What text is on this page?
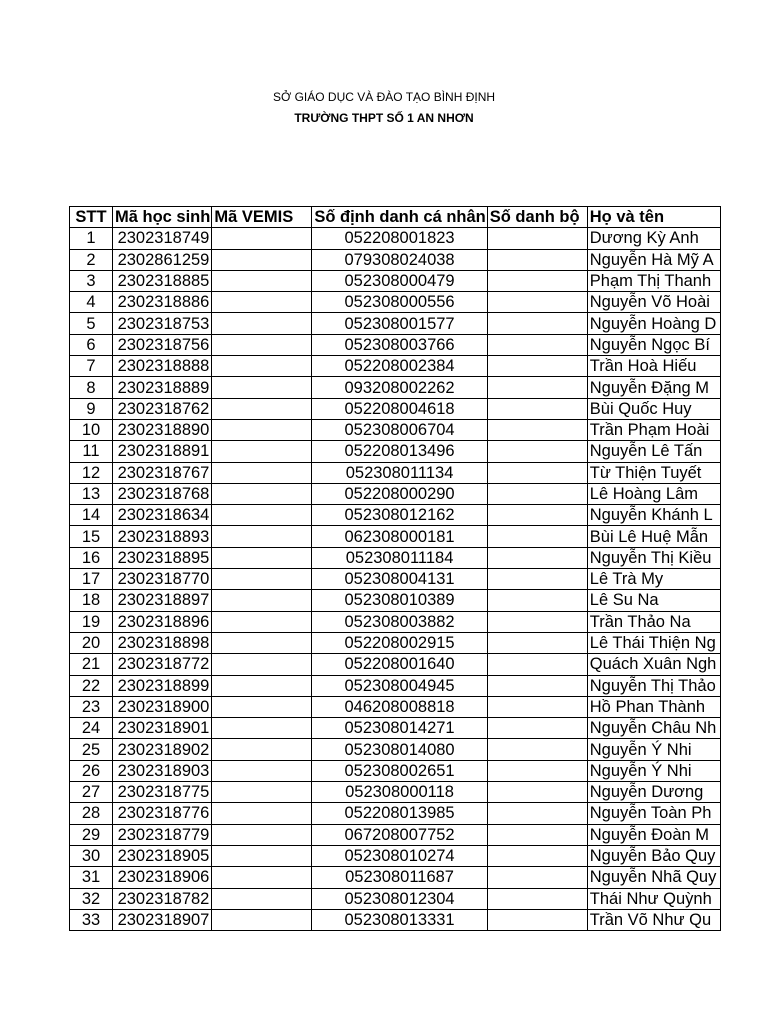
SỞ GIÁO DỤC VÀ ĐÀO TẠO BÌNH ĐỊNH
TRƯỜNG THPT SỐ 1 AN NHƠN
STT	Mã học sinh	Mã VEMIS	Số định danh cá nhân	Số danh bộ	Họ và tên
1	2302318749		052208001823		Dương Kỳ Anh
2	2302861259		079308024038		Nguyễn Hà Mỹ A
3	2302318885		052308000479		Phạm Thị Thanh
4	2302318886		052308000556		Nguyễn Võ Hoài
5	2302318753		052308001577		Nguyễn Hoàng D
6	2302318756		052308003766		Nguyễn Ngọc Bí
7	2302318888		052208002384		Trần Hoà Hiếu
8	2302318889		093208002262		Nguyễn Đặng M
9	2302318762		052208004618		Bùi Quốc Huy
10	2302318890		052308006704		Trần Phạm Hoài
11	2302318891		052208013496		Nguyễn Lê Tấn
12	2302318767		052308011134		Từ Thiện Tuyết
13	2302318768		052208000290		Lê Hoàng Lâm
14	2302318634		052308012162		Nguyễn Khánh L
15	2302318893		062308000181		Bùi Lê Huệ Mẫn
16	2302318895		052308011184		Nguyễn Thị Kiều
17	2302318770		052308004131		Lê Trà My
18	2302318897		052308010389		Lê Su Na
19	2302318896		052308003882		Trần Thảo Na
20	2302318898		052208002915		Lê Thái Thiện Ng
21	2302318772		052208001640		Quách Xuân Ngh
22	2302318899		052308004945		Nguyễn Thị Thảo
23	2302318900		046208008818		Hồ Phan Thành
24	2302318901		052308014271		Nguyễn Châu Nh
25	2302318902		052308014080		Nguyễn Ý Nhi
26	2302318903		052308002651		Nguyễn Ý Nhi
27	2302318775		052308000118		Nguyễn Dương
28	2302318776		052208013985		Nguyễn Toàn Ph
29	2302318779		067208007752		Nguyễn Đoàn M
30	2302318905		052308010274		Nguyễn Bảo Quy
31	2302318906		052308011687		Nguyễn Nhã Quy
32	2302318782		052308012304		Thái Như Quỳnh
33	2302318907		052308013331		Trần Võ Như Qu
